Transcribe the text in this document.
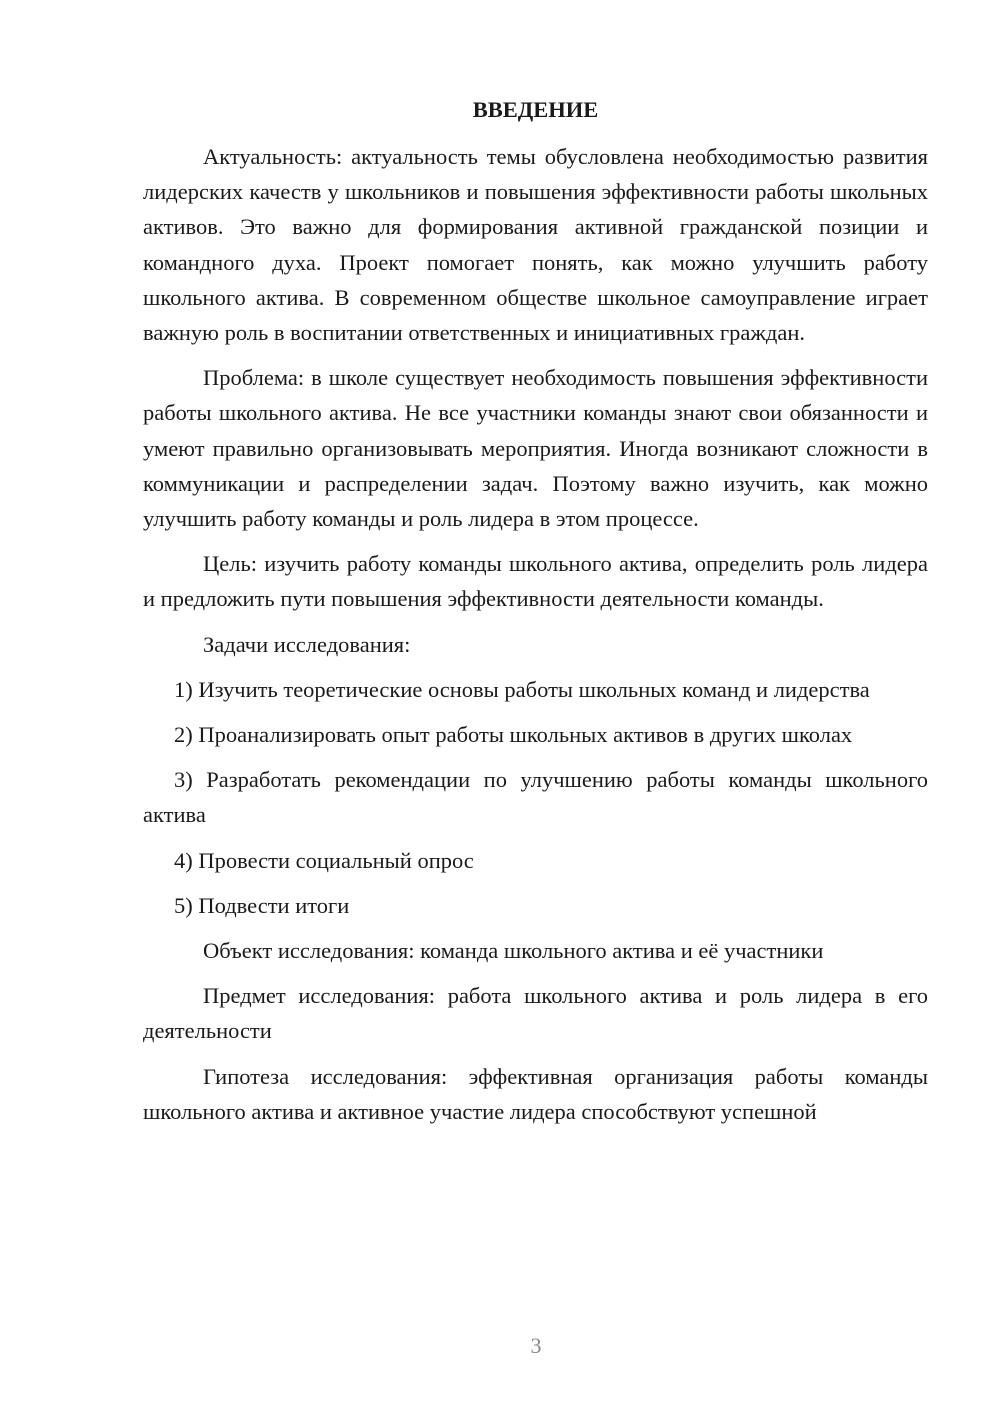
ВВЕДЕНИЕ

Актуальность: актуальность темы обусловлена необходимостью развития лидерских качеств у школьников и повышения эффективности работы школьных активов. Это важно для формирования активной гражданской позиции и командного духа. Проект помогает понять, как можно улучшить работу школьного актива. В современном обществе школьное самоуправление играет важную роль в воспитании ответственных и инициативных граждан.

Проблема: в школе существует необходимость повышения эффективности работы школьного актива. Не все участники команды знают свои обязанности и умеют правильно организовывать мероприятия. Иногда возникают сложности в коммуникации и распределении задач. Поэтому важно изучить, как можно улучшить работу команды и роль лидера в этом процессе.

Цель: изучить работу команды школьного актива, определить роль лидера и предложить пути повышения эффективности деятельности команды.

Задачи исследования:

1) Изучить теоретические основы работы школьных команд и лидерства

2) Проанализировать опыт работы школьных активов в других школах

3) Разработать рекомендации по улучшению работы команды школьного актива

4) Провести социальный опрос

5) Подвести итоги

Объект исследования: команда школьного актива и её участники

Предмет исследования: работа школьного актива и роль лидера в его деятельности

Гипотеза исследования: эффективная организация работы команды школьного актива и активное участие лидера способствуют успешной

3
